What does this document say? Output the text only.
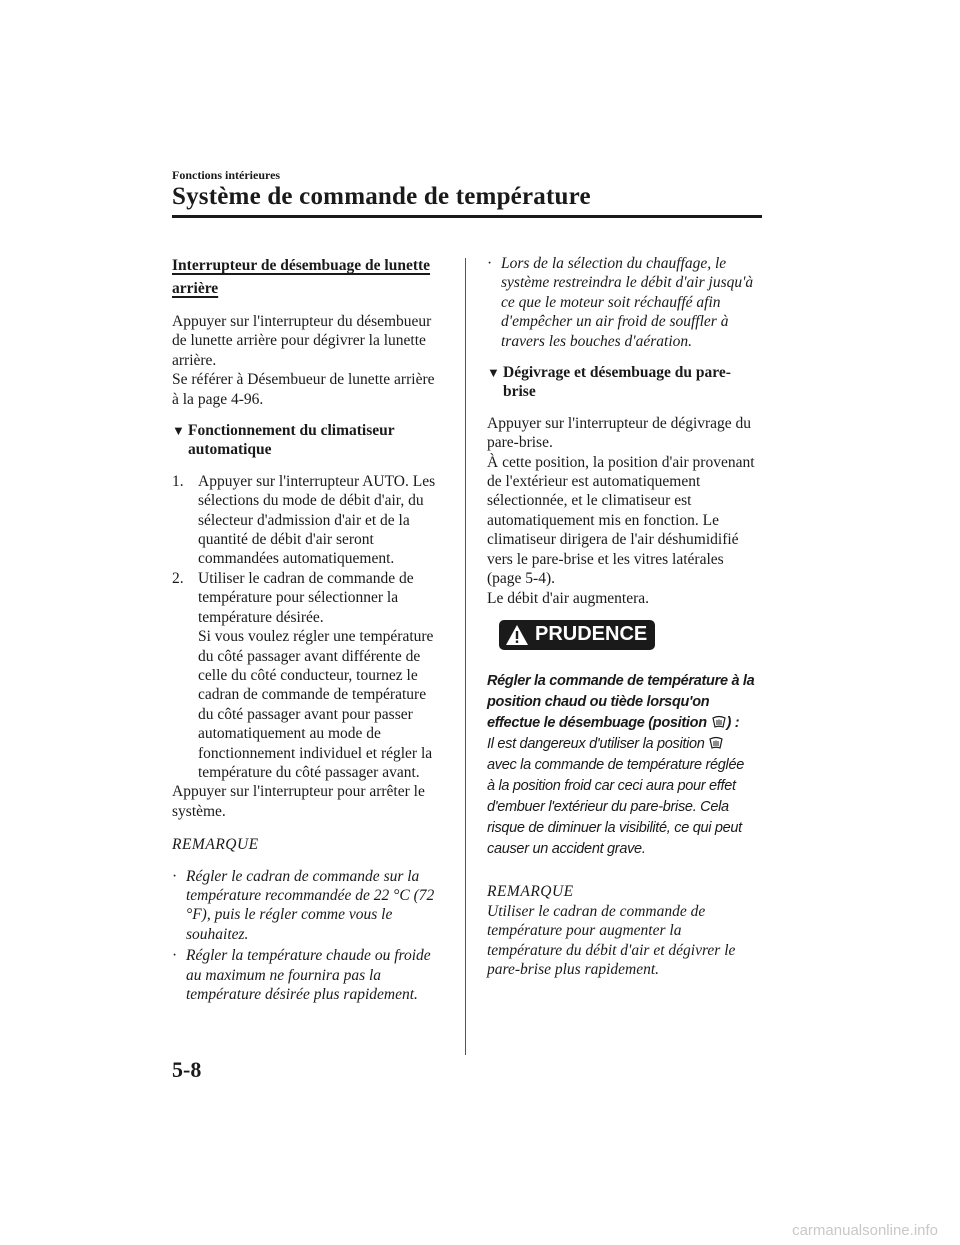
Fonctions intérieures
Système de commande de température
Interrupteur de désembuage de lunette arrière

Appuyer sur l'interrupteur du désembueur de lunette arrière pour dégivrer la lunette arrière.

Se référer à Désembueur de lunette arrière à la page 4-96.

▼ Fonctionnement du climatiseur automatique
1. Appuyer sur l'interrupteur AUTO. Les sélections du mode de débit d'air, du sélecteur d'admission d'air et de la quantité de débit d'air seront commandées automatiquement.
2. Utiliser le cadran de commande de température pour sélectionner la température désirée.
Si vous voulez régler une température du côté passager avant différente de celle du côté conducteur, tournez le cadran de commande de température du côté passager avant pour passer automatiquement au mode de fonctionnement individuel et régler la température du côté passager avant.

Appuyer sur l'interrupteur pour arrêter le système.

REMARQUE
· Régler le cadran de commande sur la température recommandée de 22 °C (72 °F), puis le régler comme vous le souhaitez.
· Régler la température chaude ou froide au maximum ne fournira pas la température désirée plus rapidement.
· Lors de la sélection du chauffage, le système restreindra le débit d'air jusqu'à ce que le moteur soit réchauffé afin d'empêcher un air froid de souffler à travers les bouches d'aération.
▼ Dégivrage et désembuage du pare-brise

Appuyer sur l'interrupteur de dégivrage du pare-brise.

À cette position, la position d'air provenant de l'extérieur est automatiquement sélectionnée, et le climatiseur est automatiquement mis en fonction. Le climatiseur dirigera de l'air déshumidifié vers le pare-brise et les vitres latérales (page 5-4).

Le débit d'air augmentera.

PRUDENCE
Régler la commande de température à la position chaud ou tiède lorsqu'on effectue le désembuage (position ) :
Il est dangereux d'utiliser la position  avec la commande de température réglée à la position froid car ceci aura pour effet d'embuer l'extérieur du pare-brise. Cela risque de diminuer la visibilité, ce qui peut causer un accident grave.
REMARQUE
Utiliser le cadran de commande de température pour augmenter la température du débit d'air et dégivrer le pare-brise plus rapidement.
5-8
carmanualsonline.info
